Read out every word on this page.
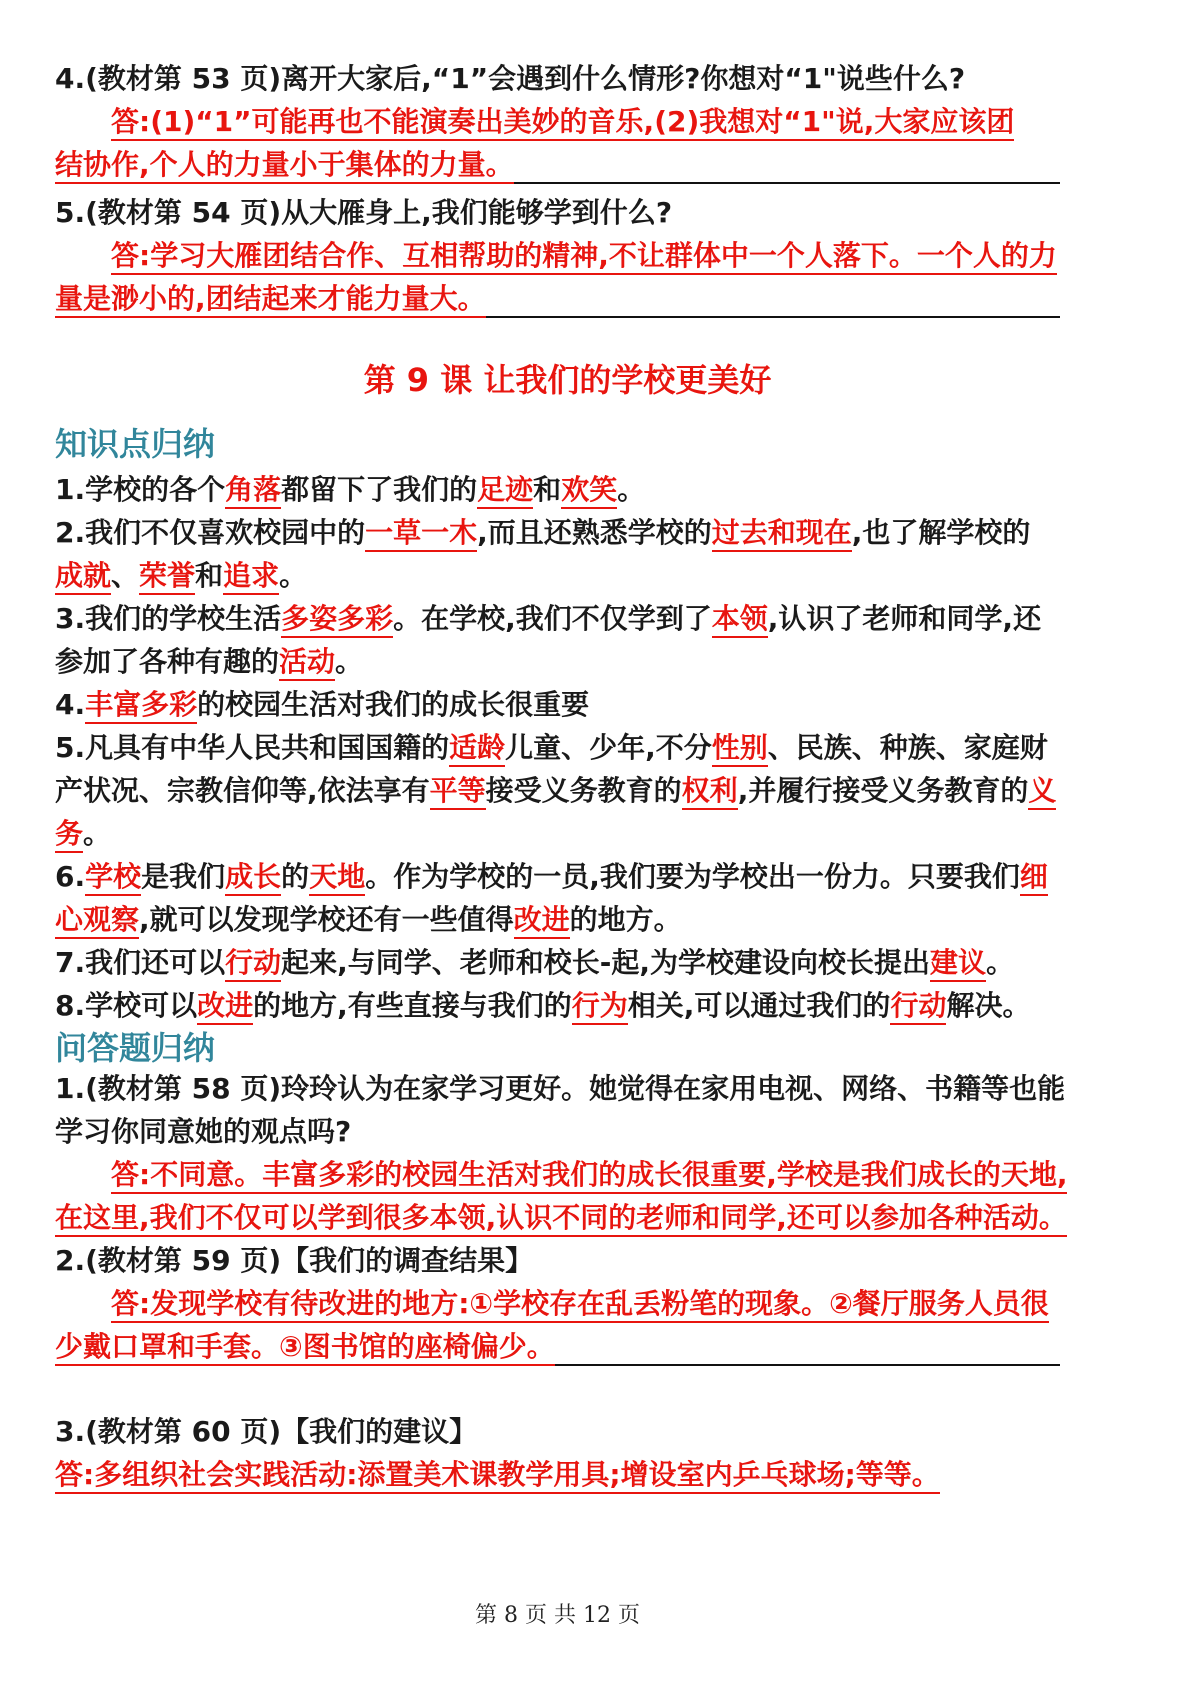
4.(教材第 53 页)离开大家后,“1”会遇到什么情形?你想对“1"说些什么?
答:(1)“1”可能再也不能演奏出美妙的音乐,(2)我想对“1"说,大家应该团
结协作,个人的力量小于集体的力量。
5.(教材第 54 页)从大雁身上,我们能够学到什么?
答:学习大雁团结合作、互相帮助的精神,不让群体中一个人落下。一个人的力
量是渺小的,团结起来才能力量大。
第 9 课 让我们的学校更美好
知识点归纳
1.学校的各个 角落 都留下了我们的 足迹 和 欢笑 。
2.我们不仅喜欢校园中的 一草一木 ,而且还熟悉学校的 过去和现在 ,也了解学校的
成就 、 荣誉 和 追求 。
3.我们的学校生活 多姿多彩 。在学校,我们不仅学到了 本领 ,认识了老师和同学,还
参加了各种有趣的 活动 。
4. 丰富多彩 的校园生活对我们的成长很重要
5.凡具有中华人民共和国国籍的 适龄 儿童、少年,不分 性别 、民族、种族、家庭财
产状况、宗教信仰等,依法享有 平等 接受义务教育的 权利 ,并履行接受义务教育的 义
务 。
6. 学校 是我们 成长 的 天地 。作为学校的一员,我们要为学校出一份力。只要我们 细
心观察 ,就可以发现学校还有一些值得 改进 的地方。
7.我们还可以 行动 起来,与同学、老师和校长-起,为学校建设向校长提出 建议 。
8.学校可以 改进 的地方,有些直接与我们的 行为 相关,可以通过我们的 行动 解决。
问答题归纳
1.(教材第 58 页)玲玲认为在家学习更好。她觉得在家用电视、网络、书籍等也能
学习你同意她的观点吗?
答:不同意。丰富多彩的校园生活对我们的成长很重要,学校是我们成长的天地,
在这里,我们不仅可以学到很多本领,认识不同的老师和同学,还可以参加各种活动。
2.(教材第 59 页)【我们的调查结果】
答:发现学校有待改进的地方:①学校存在乱丢粉笔的现象。②餐厅服务人员很
少戴口罩和手套。③图书馆的座椅偏少。
3.(教材第 60 页)【我们的建议】
答:多组织社会实践活动:添置美术课教学用具;增设室内乒乓球场;等等。
第 8 页 共 12 页
